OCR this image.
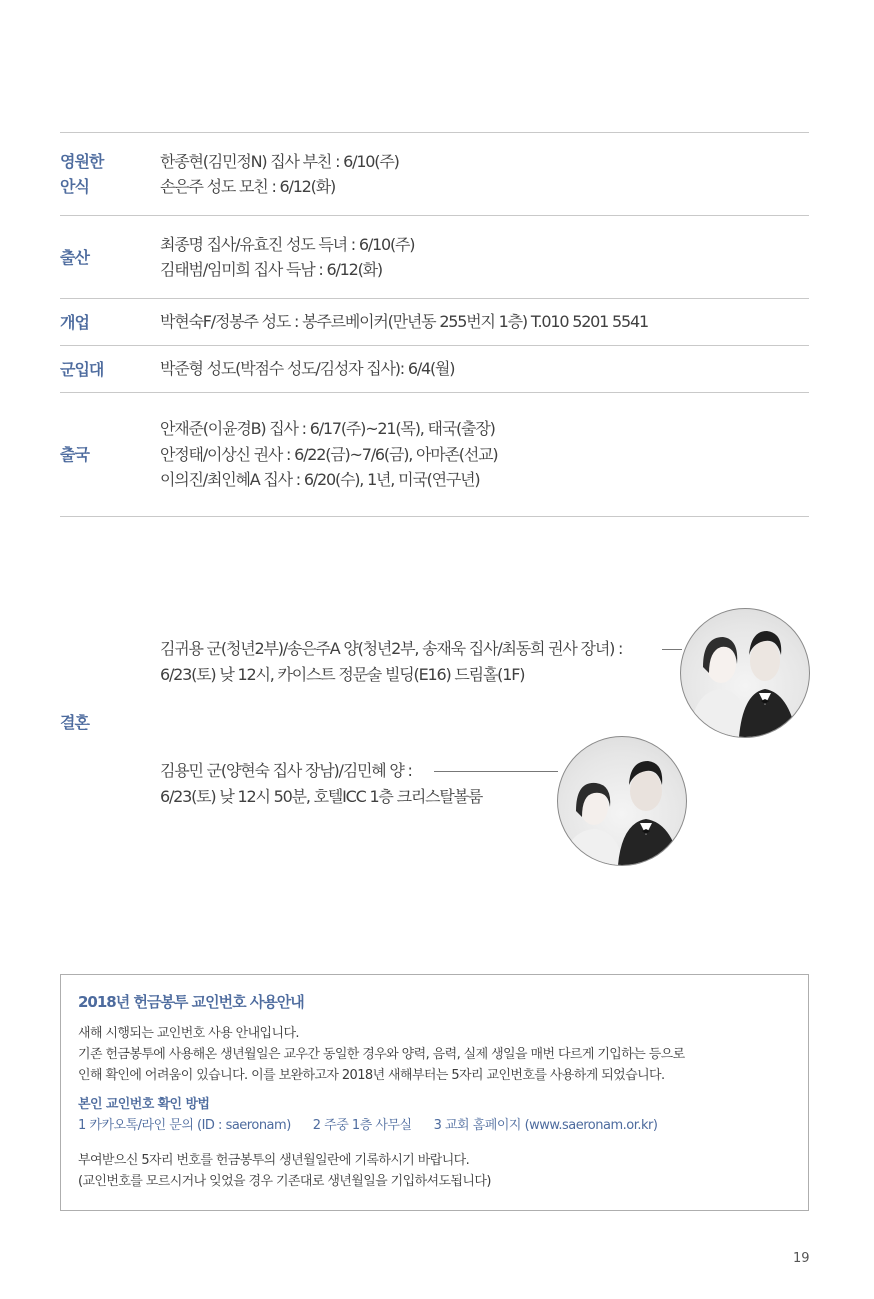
영원한
안식
한종현(김민정N) 집사 부친 : 6/10(주)
손은주 성도 모친 : 6/12(화)
출산
최종명 집사/유효진 성도 득녀 : 6/10(주)
김태범/임미희 집사 득남 : 6/12(화)
개업	박현숙F/정봉주 성도 : 봉주르베이커(만년동 255번지 1층) T.010 5201 5541
군입대	박준형 성도(박점수 성도/김성자 집사): 6/4(월)
출국
안재준(이윤경B) 집사 : 6/17(주)~21(목), 태국(출장)
안정태/이상신 권사 : 6/22(금)~7/6(금), 아마존(선교)
이의진/최인혜A 집사 : 6/20(수), 1년, 미국(연구년)
결혼
김귀용 군(청년2부)/송은주A 양(청년2부, 송재욱 집사/최동희 권사 장녀) :
6/23(토) 낮 12시, 카이스트 정문술 빌딩(E16) 드림홀(1F)
김용민 군(양현숙 집사 장남)/김민혜 양 :
6/23(토) 낮 12시 50분, 호텔ICC 1층 크리스탈볼룸
2018년 헌금봉투 교인번호 사용안내

새해 시행되는 교인번호 사용 안내입니다.

기존 헌금봉투에 사용해온 생년월일은 교우간 동일한 경우와 양력, 음력, 실제 생일을 매번 다르게 기입하는 등으로

인해 확인에 어려움이 있습니다. 이를 보완하고자 2018년 새해부터는 5자리 교인번호를 사용하게 되었습니다.

본인 교인번호 확인 방법
1 카카오톡/라인 문의 (ID : saeronam) 2 주중 1층 사무실 3 교회 홈페이지 (www.saeronam.or.kr)

부여받으신 5자리 번호를 헌금봉투의 생년월일란에 기록하시기 바랍니다.

(교인번호를 모르시거나 잊었을 경우 기존대로 생년월일을 기입하셔도됩니다)

19
